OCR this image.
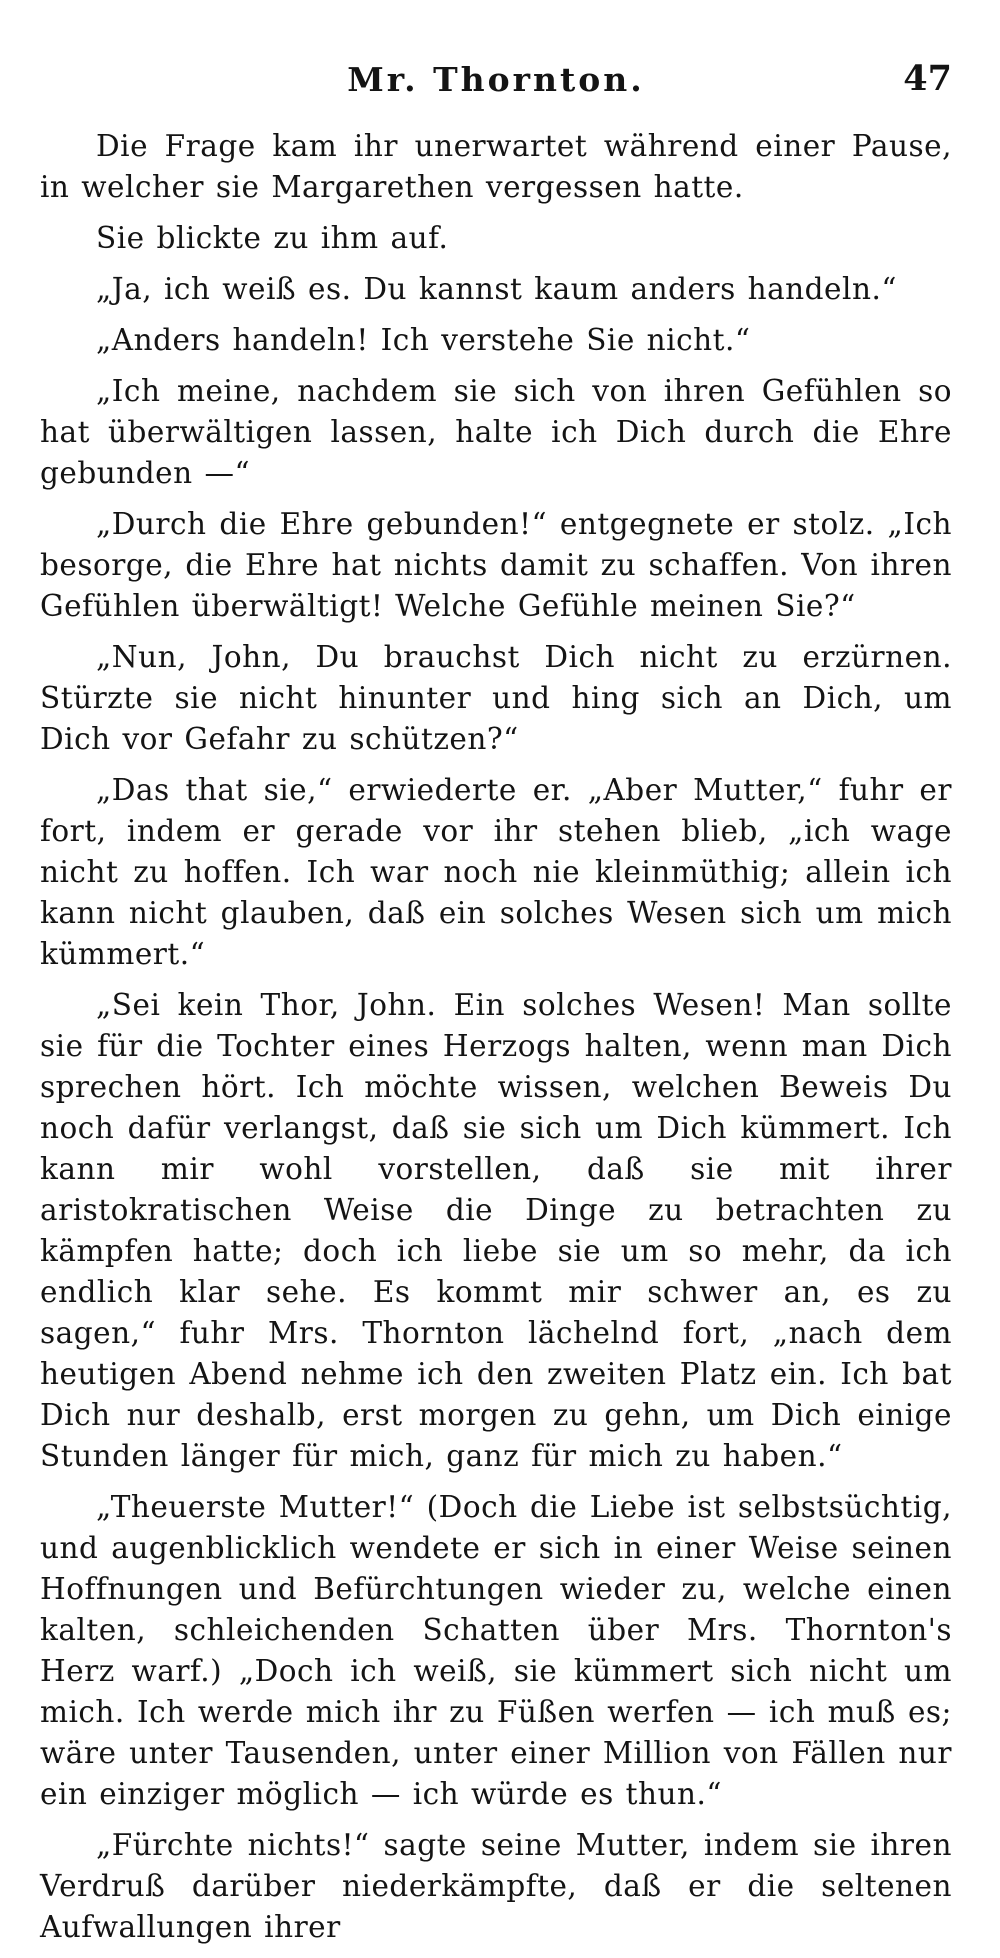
Mr. Thornton.	47

Die Frage kam ihr unerwartet während einer Pause, in welcher sie Margarethen vergessen hatte.

Sie blickte zu ihm auf.

„Ja, ich weiß es. Du kannst kaum anders handeln.“

„Anders handeln! Ich verstehe Sie nicht.“

„Ich meine, nachdem sie sich von ihren Gefühlen so hat überwältigen lassen, halte ich Dich durch die Ehre gebunden —“

„Durch die Ehre gebunden!“ entgegnete er stolz. „Ich besorge, die Ehre hat nichts damit zu schaffen. Von ihren Gefühlen überwältigt! Welche Gefühle meinen Sie?“

„Nun, John, Du brauchst Dich nicht zu erzürnen. Stürzte sie nicht hinunter und hing sich an Dich, um Dich vor Gefahr zu schützen?“

„Das that sie,“ erwiederte er. „Aber Mutter,“ fuhr er fort, indem er gerade vor ihr stehen blieb, „ich wage nicht zu hoffen. Ich war noch nie kleinmüthig; allein ich kann nicht glauben, daß ein solches Wesen sich um mich kümmert.“

„Sei kein Thor, John. Ein solches Wesen! Man sollte sie für die Tochter eines Herzogs halten, wenn man Dich sprechen hört. Ich möchte wissen, welchen Beweis Du noch dafür verlangst, daß sie sich um Dich kümmert. Ich kann mir wohl vorstellen, daß sie mit ihrer aristokratischen Weise die Dinge zu betrachten zu kämpfen hatte; doch ich liebe sie um so mehr, da ich endlich klar sehe. Es kommt mir schwer an, es zu sagen,“ fuhr Mrs. Thornton lächelnd fort, „nach dem heutigen Abend nehme ich den zweiten Platz ein. Ich bat Dich nur deshalb, erst morgen zu gehn, um Dich einige Stunden länger für mich, ganz für mich zu haben.“

„Theuerste Mutter!“ (Doch die Liebe ist selbstsüchtig, und augenblicklich wendete er sich in einer Weise seinen Hoffnungen und Befürchtungen wieder zu, welche einen kalten, schleichenden Schatten über Mrs. Thornton's Herz warf.) „Doch ich weiß, sie kümmert sich nicht um mich. Ich werde mich ihr zu Füßen werfen — ich muß es; wäre unter Tausenden, unter einer Million von Fällen nur ein einziger möglich — ich würde es thun.“

„Fürchte nichts!“ sagte seine Mutter, indem sie ihren Verdruß darüber niederkämpfte, daß er die seltenen Aufwallungen ihrer
